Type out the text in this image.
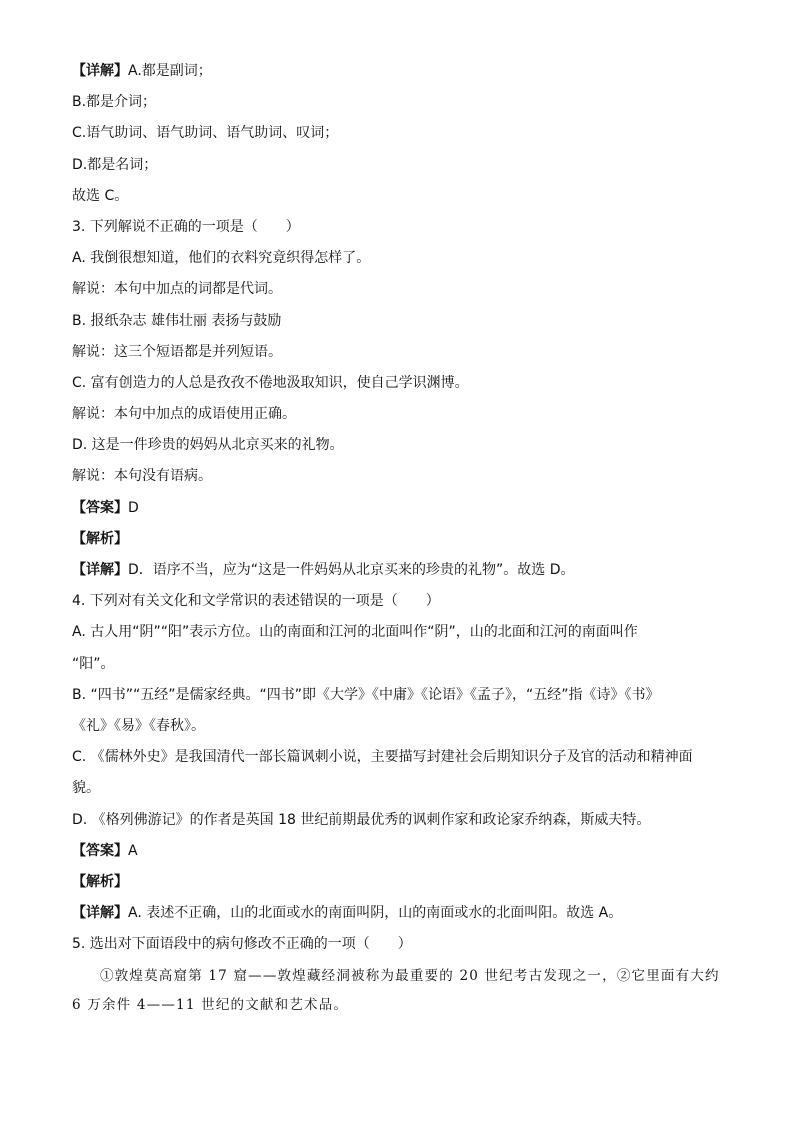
【详解】A.都是副词；
B.都是介词；
C.语气助词、语气助词、语气助词、叹词；
D.都是名词；
故选 C。
3. 下列解说不正确的一项是（　　）
A. 我倒很想知道，他们的衣料究竟织得怎样了。
解说：本句中加点的词都是代词。
B. 报纸杂志 雄伟壮丽 表扬与鼓励
解说：这三个短语都是并列短语。
C. 富有创造力的人总是孜孜不倦地汲取知识，使自己学识渊博。
解说：本句中加点的成语使用正确。
D. 这是一件珍贵的妈妈从北京买来的礼物。
解说：本句没有语病。
【答案】D
【解析】
【详解】D．语序不当，应为“这是一件妈妈从北京买来的珍贵的礼物”。故选 D。
4. 下列对有关文化和文学常识的表述错误的一项是（　　）
A. 古人用“阴”“阳”表示方位。山的南面和江河的北面叫作“阴”，山的北面和江河的南面叫作
“阳”。
B. “四书”“五经”是儒家经典。“四书”即《大学》《中庸》《论语》《孟子》，“五经”指《诗》《书》
《礼》《易》《春秋》。
C. 《儒林外史》是我国清代一部长篇讽刺小说，主要描写封建社会后期知识分子及官的活动和精神面
貌。
D. 《格列佛游记》的作者是英国 18 世纪前期最优秀的讽刺作家和政论家乔纳森，斯威夫特。
【答案】A
【解析】
【详解】A. 表述不正确，山的北面或水的南面叫阴，山的南面或水的北面叫阳。故选 A。
5. 选出对下面语段中的病句修改不正确的一项（　　）
①敦煌莫高窟第 17 窟——敦煌藏经洞被称为最重要的 20 世纪考古发现之一，②它里面有大约 6 万余件 4——11 世纪的文献和艺术品。
